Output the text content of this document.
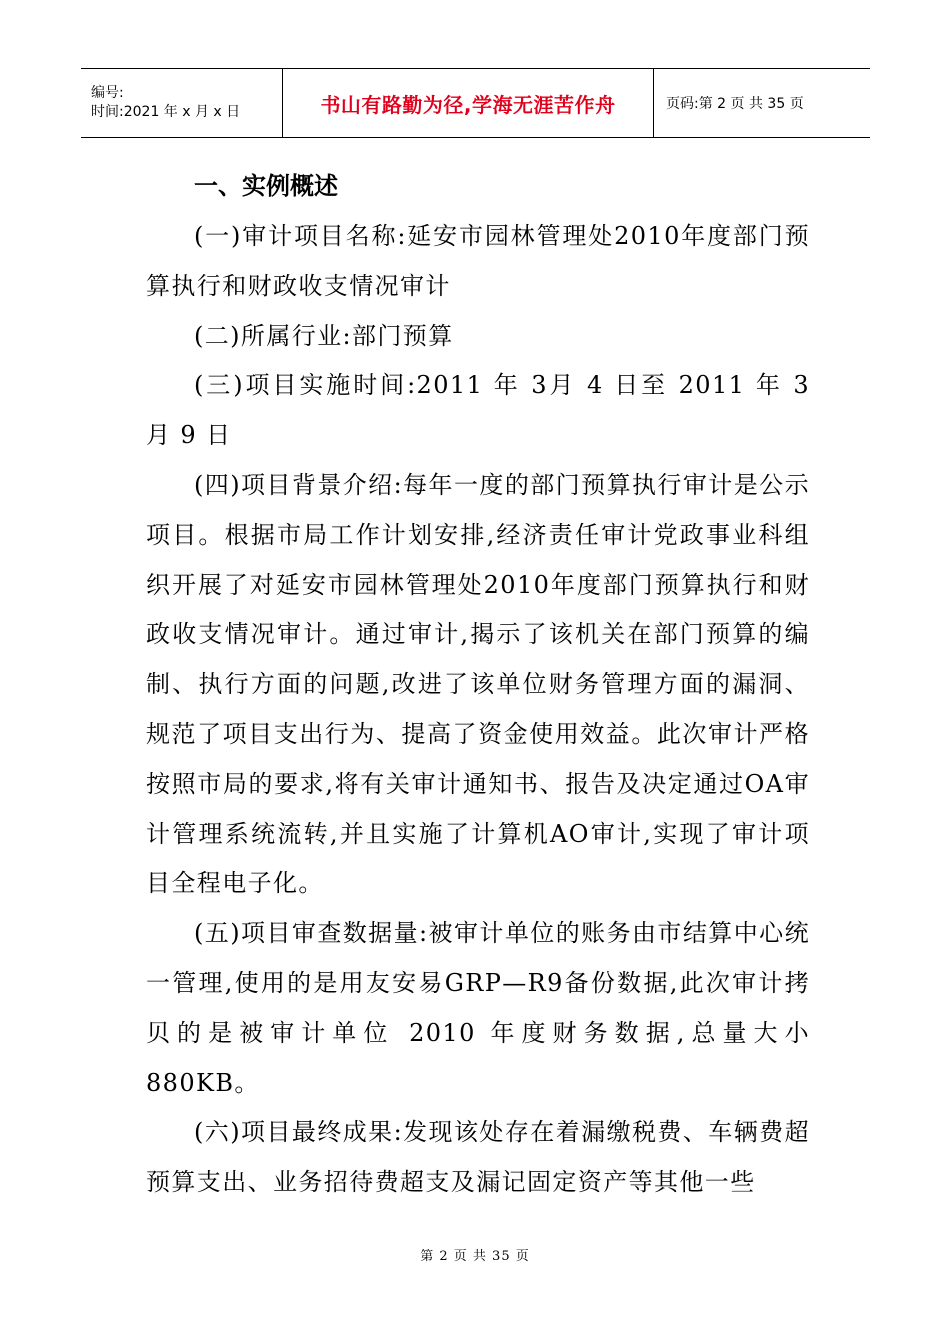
编号:
时间:2021 年 x 月 x 日	书山有路勤为径,学海无涯苦作舟	页码:第 2 页 共 35 页
一、实例概述

(一)审计项目名称:延安市园林管理处2010年度部门预算执行和财政收支情况审计

(二)所属行业:部门预算

(三)项目实施时间:2011 年 3月 4 日至 2011 年 3 月 9 日

(四)项目背景介绍:每年一度的部门预算执行审计是公示项目。根据市局工作计划安排,经济责任审计党政事业科组织开展了对延安市园林管理处2010年度部门预算执行和财政收支情况审计。通过审计,揭示了该机关在部门预算的编制、执行方面的问题,改进了该单位财务管理方面的漏洞、规范了项目支出行为、提高了资金使用效益。此次审计严格按照市局的要求,将有关审计通知书、报告及决定通过OA审计管理系统流转,并且实施了计算机AO审计,实现了审计项目全程电子化。

(五)项目审查数据量:被审计单位的账务由市结算中心统一管理,使用的是用友安易GRP—R9备份数据,此次审计拷贝的是被审计单位 2010 年度财务数据,总量大小880KB。

(六)项目最终成果:发现该处存在着漏缴税费、车辆费超预算支出、业务招待费超支及漏记固定资产等其他一些

第 2 页 共 35 页
